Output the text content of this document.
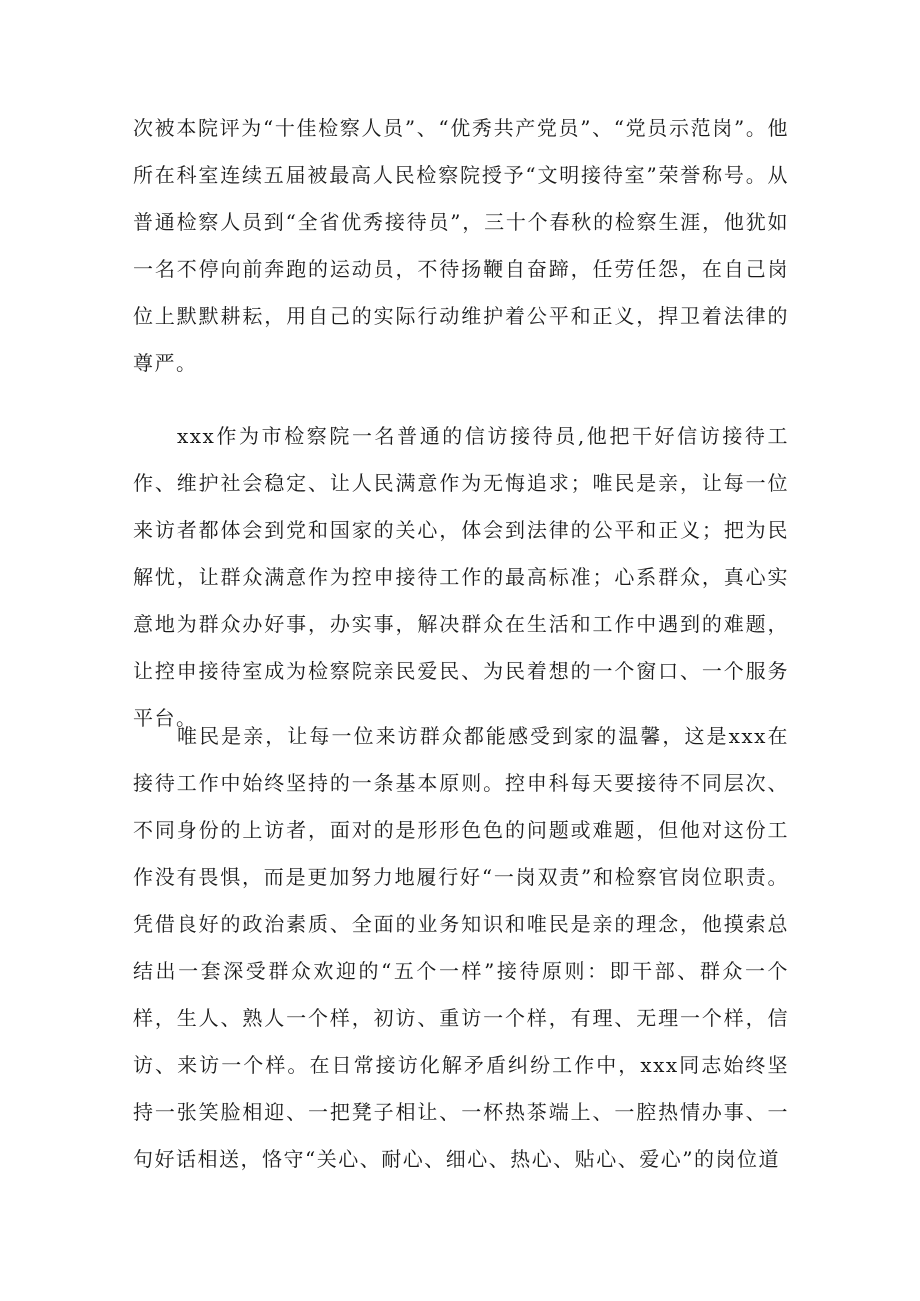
次被本院评为“十佳检察人员”、“优秀共产党员”、“党员示范岗”。他所在科室连续五届被最高人民检察院授予“文明接待室”荣誉称号。从普通检察人员到“全省优秀接待员”，三十个春秋的检察生涯，他犹如一名不停向前奔跑的运动员，不待扬鞭自奋蹄，任劳任怨，在自己岗位上默默耕耘，用自己的实际行动维护着公平和正义，捍卫着法律的尊严。

xxx作为市检察院一名普通的信访接待员,他把干好信访接待工作、维护社会稳定、让人民满意作为无悔追求；唯民是亲，让每一位来访者都体会到党和国家的关心，体会到法律的公平和正义；把为民解忧，让群众满意作为控申接待工作的最高标准；心系群众，真心实意地为群众办好事，办实事，解决群众在生活和工作中遇到的难题，让控申接待室成为检察院亲民爱民、为民着想的一个窗口、一个服务平台。

唯民是亲，让每一位来访群众都能感受到家的温馨，这是xxx在接待工作中始终坚持的一条基本原则。控申科每天要接待不同层次、不同身份的上访者，面对的是形形色色的问题或难题，但他对这份工作没有畏惧，而是更加努力地履行好“一岗双责”和检察官岗位职责。凭借良好的政治素质、全面的业务知识和唯民是亲的理念，他摸索总结出一套深受群众欢迎的“五个一样”接待原则：即干部、群众一个样，生人、熟人一个样，初访、重访一个样，有理、无理一个样，信访、来访一个样。在日常接访化解矛盾纠纷工作中，xxx同志始终坚持一张笑脸相迎、一把凳子相让、一杯热茶端上、一腔热情办事、一句好话相送，恪守“关心、耐心、细心、热心、贴心、爱心”的岗位道
